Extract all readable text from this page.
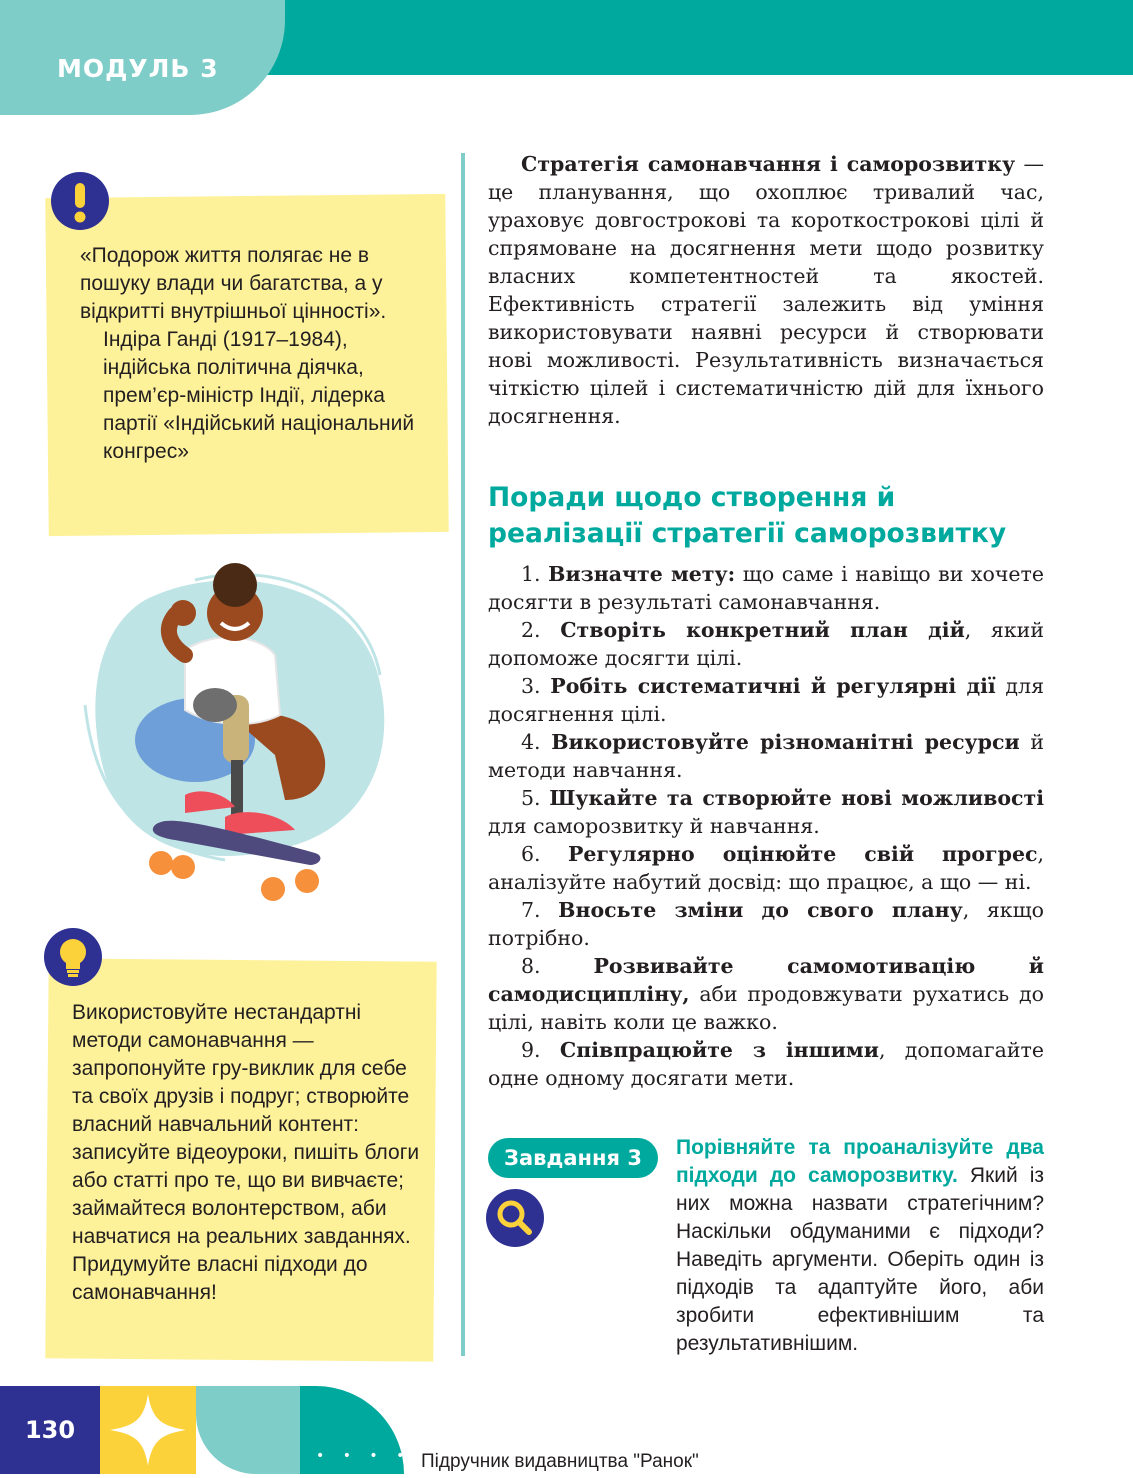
МОДУЛЬ 3

«Подорож життя полягає не в пошуку влади чи багатства, а у відкритті внутрішньої цінності».

Індіра Ганді (1917–1984), індійська політична діячка, прем’єр-міністр Індії, лідерка партії «Індійський національний конгрес»

Використовуйте нестандартні методи самонавчання — запропонуйте гру-виклик для себе та своїх друзів і подруг; створюйте власний навчальний контент: записуйте відеоуроки, пишіть блоги або статті про те, що ви вивчаєте; займайтеся волонтерством, аби навчатися на реальних завданнях. Придумуйте власні підходи до самонавчання!

Стратегія самонавчання і саморозвитку — це планування, що охоплює тривалий час, ураховує довгострокові та короткострокові цілі й спрямоване на досягнення мети щодо розвитку власних компетентностей та якостей. Ефективність стратегії залежить від уміння використовувати наявні ресурси й створювати нові можливості. Результативність визначається чіткістю цілей і систематичністю дій для їхнього досягнення.

Поради щодо створення й реалізації стратегії саморозвитку
1. Визначте мету: що саме і навіщо ви хочете досягти в результаті самонавчання.
2. Створіть конкретний план дій, який допоможе досягти цілі.
3. Робіть систематичні й регулярні дії для досягнення цілі.
4. Використовуйте різноманітні ресурси й методи навчання.
5. Шукайте та створюйте нові можливості для саморозвитку й навчання.
6. Регулярно оцінюйте свій прогрес, аналізуйте набутий досвід: що працює, а що — ні.
7. Вносьте зміни до свого плану, якщо потрібно.
8. Розвивайте самомотивацію й самодисципліну, аби продовжувати рухатись до цілі, навіть коли це важко.
9. Співпрацюйте з іншими, допомагайте одне одному досягати мети.
Завдання 3	Порівняйте та проаналізуйте два підходи до саморозвитку. Який із них можна назвати стратегічним? Наскільки обдуманими є підходи? Наведіть аргументи. Оберіть один із підходів та адаптуйте його, аби зробити ефективнішим та результативнішим.

130
• • • • Підручник видавництва "Ранок"
